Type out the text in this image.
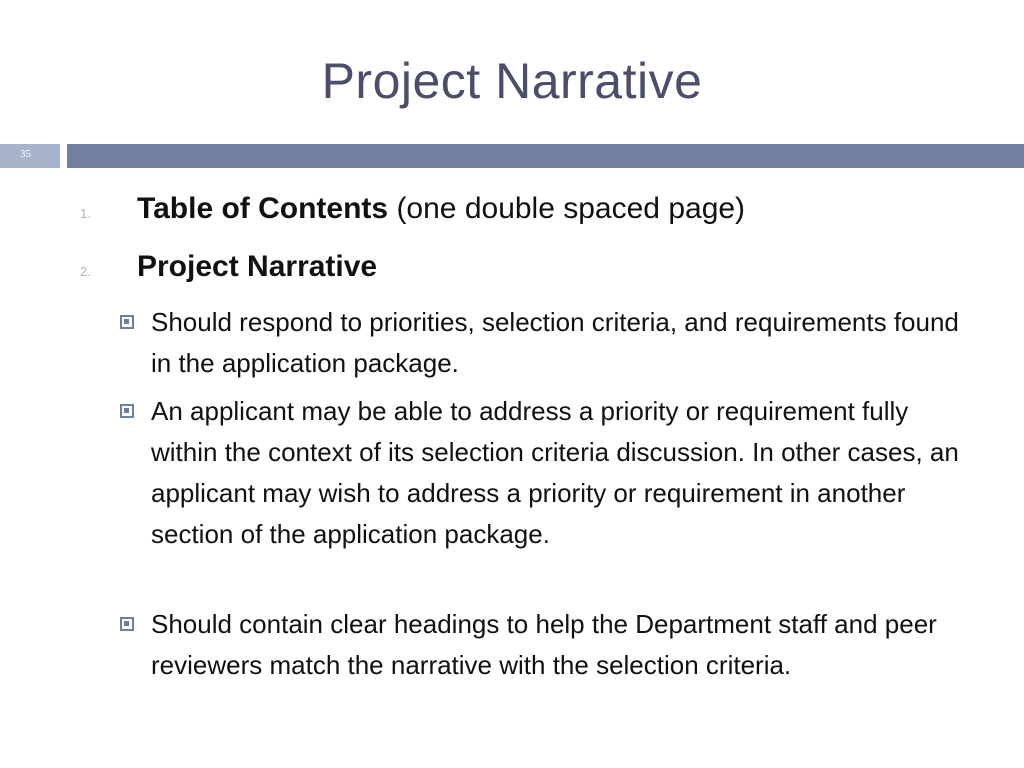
Project Narrative
35
1. Table of Contents (one double spaced page)
2. Project Narrative
Should respond to priorities, selection criteria, and requirements found in the application package.
An applicant may be able to address a priority or requirement fully within the context of its selection criteria discussion. In other cases, an applicant may wish to address a priority or requirement in another section of the application package.
Should contain clear headings to help the Department staff and peer reviewers match the narrative with the selection criteria.
